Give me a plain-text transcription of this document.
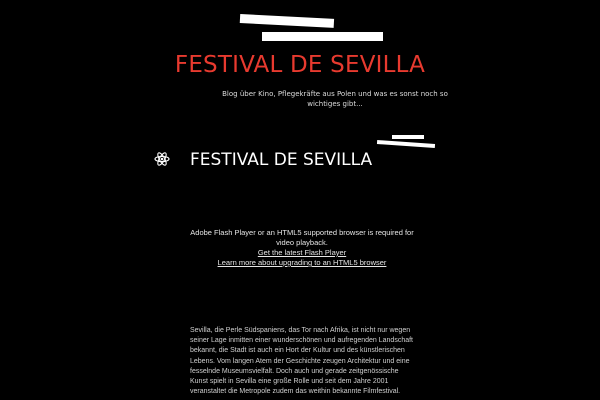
FESTIVAL DE SEVILLA
Blog über Kino, Pflegekräfte aus Polen und was es sonst noch so wichtiges gibt...
FESTIVAL DE SEVILLA
Adobe Flash Player or an HTML5 supported browser is required for video playback.
Get the latest Flash Player
Learn more about upgrading to an HTML5 browser
Sevilla, die Perle Südspaniens, das Tor nach Afrika, ist nicht nur wegen seiner Lage inmitten einer wunderschönen und aufregenden Landschaft bekannt, die Stadt ist auch ein Hort der Kultur und des künstlerischen Lebens. Vom langen Atem der Geschichte zeugen Architektur und eine fesselnde Museumsvielfalt. Doch auch und gerade zeitgenössische Kunst spielt in Sevilla eine große Rolle und seit dem Jahre 2001 veranstaltet die Metropole zudem das weithin bekannte Filmfestival.
